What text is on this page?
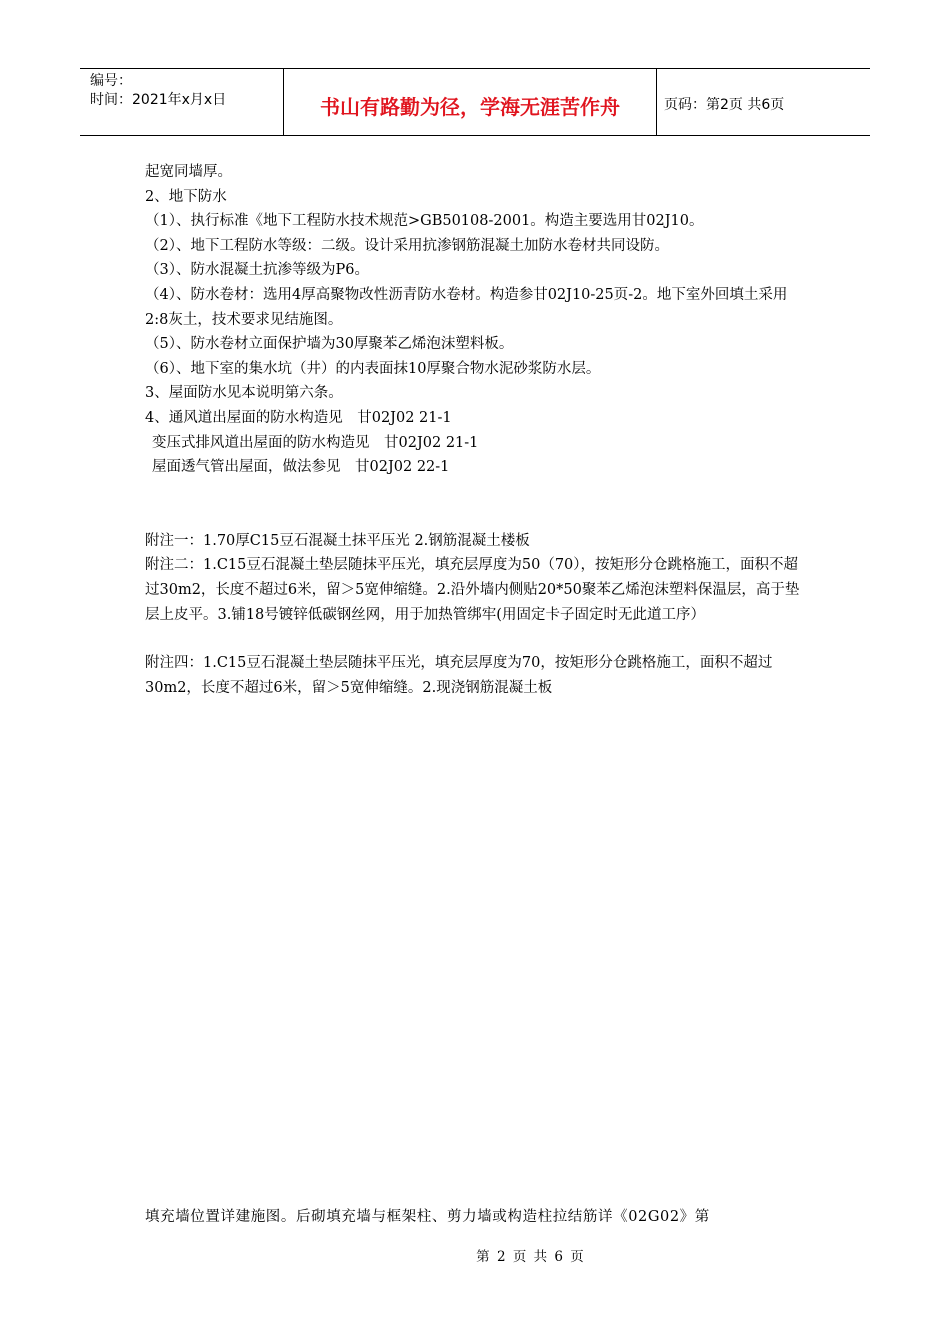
编号：
时间：2021年x月x日	书山有路勤为径，学海无涯苦作舟	页码：第2页 共6页

起宽同墙厚。

2、地下防水

（1）、执行标准《地下工程防水技术规范>GB50108-2001。构造主要选用甘02J10。

（2）、地下工程防水等级：二级。设计采用抗渗钢筋混凝土加防水卷材共同设防。

（3）、防水混凝土抗渗等级为P6。

（4）、防水卷材：选用4厚高聚物改性沥青防水卷材。构造参甘02J10-25页-2。地下室外回填土采用2:8灰土，技术要求见结施图。

（5）、防水卷材立面保护墙为30厚聚苯乙烯泡沫塑料板。

（6）、地下室的集水坑（井）的内表面抹10厚聚合物水泥砂浆防水层。

3、屋面防水见本说明第六条。

4、通风道出屋面的防水构造见　甘02J02 21-1

变压式排风道出屋面的防水构造见　甘02J02 21-1

屋面透气管出屋面，做法参见　甘02J02 22-1

附注一：1.70厚C15豆石混凝土抹平压光 2.钢筋混凝土楼板

附注二：1.C15豆石混凝土垫层随抹平压光，填充层厚度为50（70），按矩形分仓跳格施工，面积不超过30m2，长度不超过6米，留＞5宽伸缩缝。2.沿外墙内侧贴20*50聚苯乙烯泡沫塑料保温层，高于垫层上皮平。3.铺18号镀锌低碳钢丝网，用于加热管绑牢(用固定卡子固定时无此道工序）

附注四：1.C15豆石混凝土垫层随抹平压光，填充层厚度为70，按矩形分仓跳格施工，面积不超过30m2，长度不超过6米，留＞5宽伸缩缝。2.现浇钢筋混凝土板

填充墙位置详建施图。后砌填充墙与框架柱、剪力墙或构造柱拉结筋详《02G02》第

第 2 页 共 6 页
